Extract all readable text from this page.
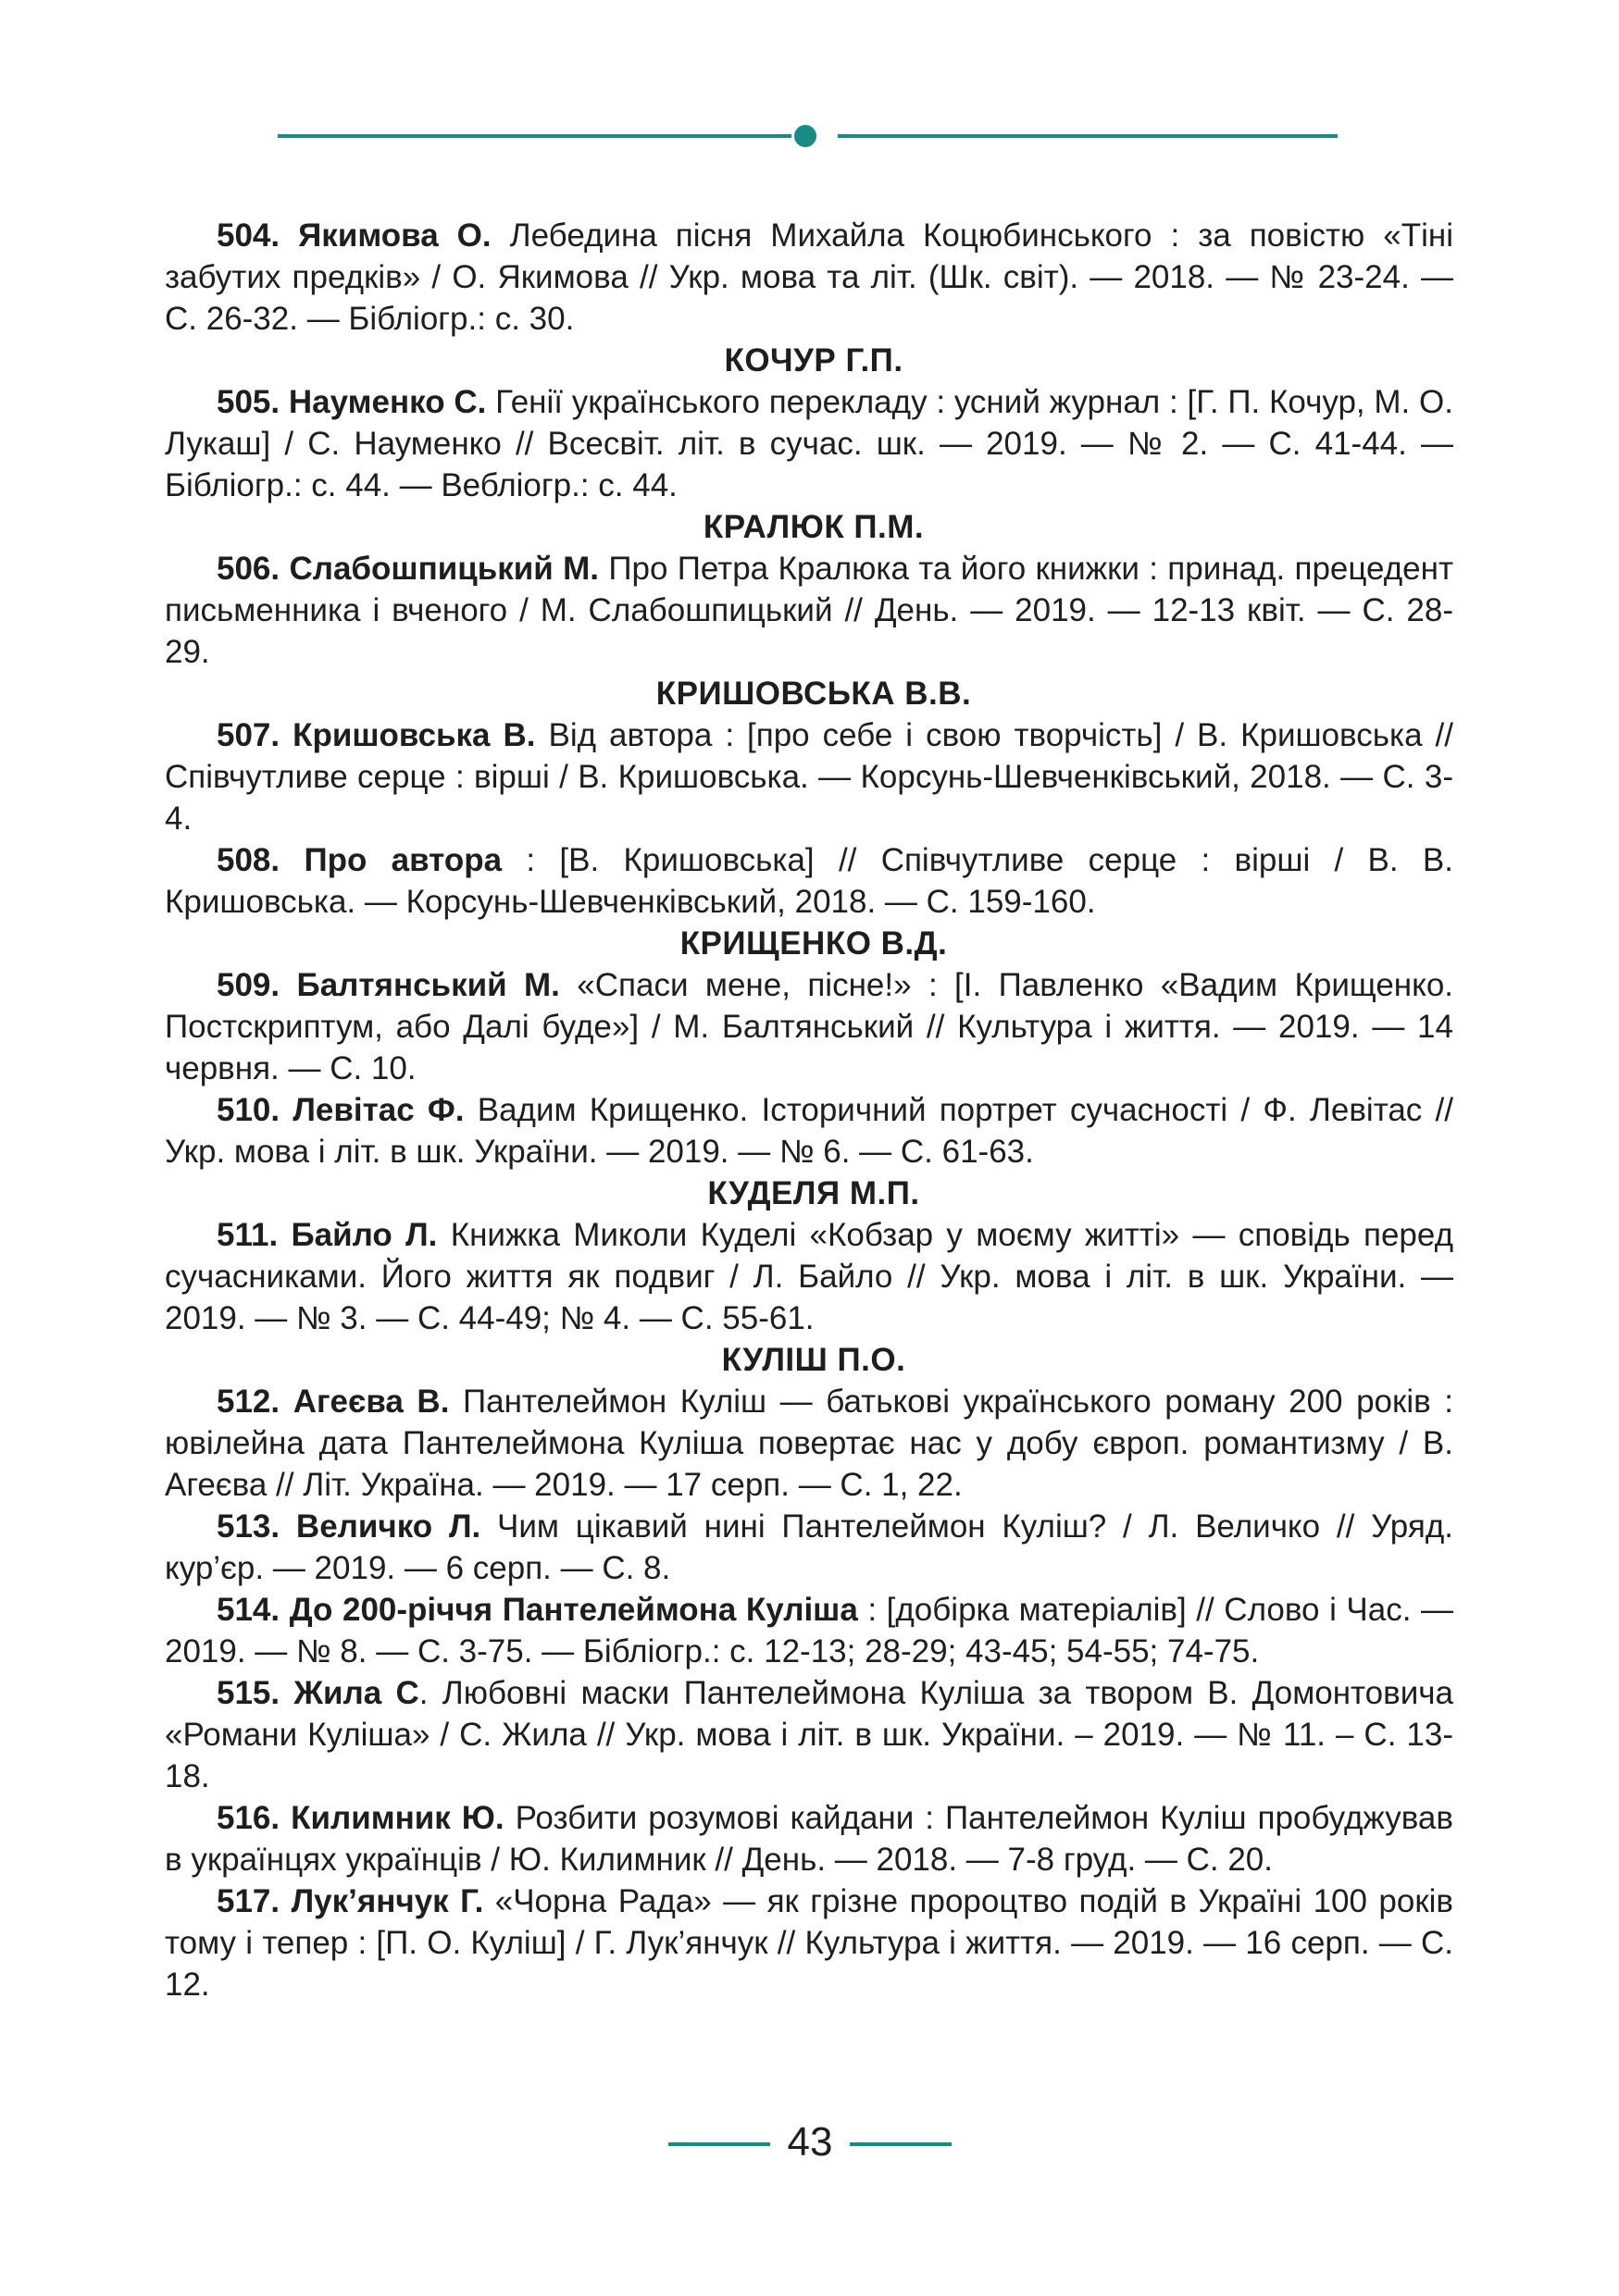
504. Якимова О. Лебедина пісня Михайла Коцюбинського : за повістю «Тіні забутих предків» / О. Якимова // Укр. мова та літ. (Шк. світ). — 2018. — № 23-24. — С. 26-32. — Бібліогр.: с. 30.

КОЧУР Г.П.

505. Науменко С. Генії українського перекладу : усний журнал : [Г. П. Кочур, М. О. Лукаш] / С. Науменко // Всесвіт. літ. в сучас. шк. — 2019. — № 2. — С. 41-44. — Бібліогр.: с. 44. — Вебліогр.: с. 44.

КРАЛЮК П.М.

506. Слабошпицький М. Про Петра Кралюка та його книжки : принад. прецедент письменника і вченого / М. Слабошпицький // День. — 2019. — 12-13 квіт. — С. 28-29.

КРИШОВСЬКА В.В.

507. Кришовська В. Від автора : [про себе і свою творчість] / В. Кришовська // Співчутливе серце : вірші / В. Кришовська. — Корсунь-Шевченківський, 2018. — С. 3-4.

508. Про автора : [В. Кришовська] // Співчутливе серце : вірші / В. В. Кришовська. — Корсунь-Шевченківський, 2018. — С. 159-160.

КРИЩЕНКО В.Д.

509. Балтянський М. «Спаси мене, пісне!» : [І. Павленко «Вадим Крищенко. Постскриптум, або Далі буде»] / М. Балтянський // Культура і життя. — 2019. — 14 червня. — С. 10.

510. Левітас Ф. Вадим Крищенко. Історичний портрет сучасності / Ф. Левітас // Укр. мова і літ. в шк. України. — 2019. — № 6. — С. 61-63.

КУДЕЛЯ М.П.

511. Байло Л. Книжка Миколи Куделі «Кобзар у моєму житті» — сповідь перед сучасниками. Його життя як подвиг / Л. Байло // Укр. мова і літ. в шк. України. — 2019. — № 3. — С. 44-49; № 4. — С. 55-61.

КУЛІШ П.О.

512. Агеєва В. Пантелеймон Куліш — батькові українського роману 200 років : ювілейна дата Пантелеймона Куліша повертає нас у добу європ. романтизму / В. Агеєва // Літ. Україна. — 2019. — 17 серп. — С. 1, 22.

513. Величко Л. Чим цікавий нині Пантелеймон Куліш? / Л. Величко // Уряд. кур’єр. — 2019. — 6 серп. — С. 8.

514. До 200-річчя Пантелеймона Куліша : [добірка матеріалів] // Слово і Час. — 2019. — № 8. — С. 3-75. — Бібліогр.: с. 12-13; 28-29; 43-45; 54-55; 74-75.

515. Жила С. Любовні маски Пантелеймона Куліша за твором В. Домонтовича «Романи Куліша» / С. Жила // Укр. мова і літ. в шк. України. – 2019. — № 11. – С. 13-18.

516. Килимник Ю. Розбити розумові кайдани : Пантелеймон Куліш пробуджував в українцях українців / Ю. Килимник // День. — 2018. — 7-8 груд. — С. 20.

517. Лук’янчук Г. «Чорна Рада» — як грізне пророцтво подій в Україні 100 років тому і тепер : [П. О. Куліш] / Г. Лук’янчук // Культура і життя. — 2019. — 16 серп. — С. 12.

43
